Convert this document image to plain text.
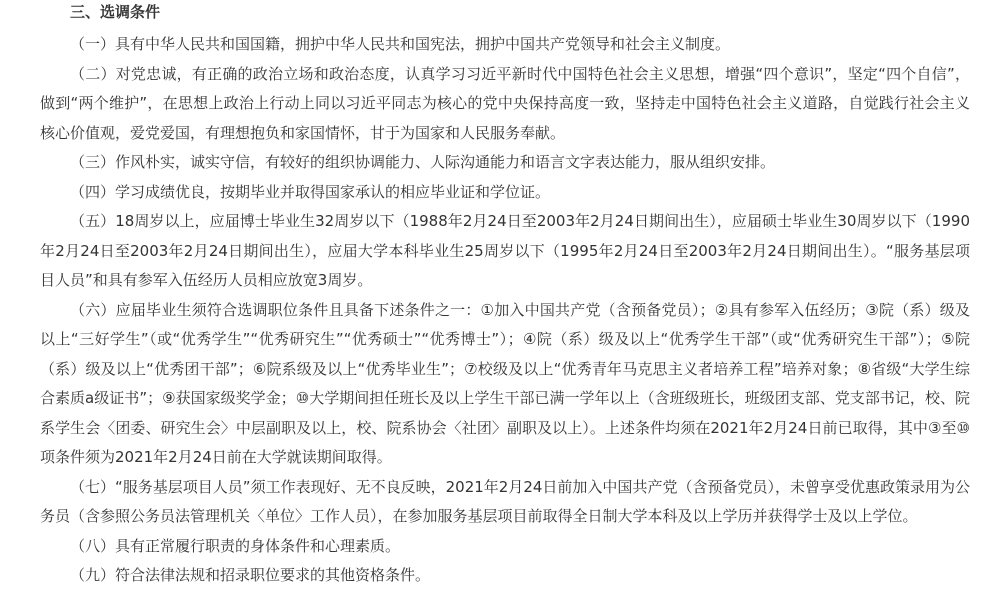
三、选调条件

（一）具有中华人民共和国国籍，拥护中华人民共和国宪法，拥护中国共产党领导和社会主义制度。

（二）对党忠诚，有正确的政治立场和政治态度，认真学习习近平新时代中国特色社会主义思想，增强“四个意识”，坚定“四个自信”，做到“两个维护”，在思想上政治上行动上同以习近平同志为核心的党中央保持高度一致，坚持走中国特色社会主义道路，自觉践行社会主义核心价值观，爱党爱国，有理想抱负和家国情怀，甘于为国家和人民服务奉献。

（三）作风朴实，诚实守信，有较好的组织协调能力、人际沟通能力和语言文字表达能力，服从组织安排。

（四）学习成绩优良，按期毕业并取得国家承认的相应毕业证和学位证。

（五）18周岁以上，应届博士毕业生32周岁以下（1988年2月24日至2003年2月24日期间出生），应届硕士毕业生30周岁以下（1990年2月24日至2003年2月24日期间出生），应届大学本科毕业生25周岁以下（1995年2月24日至2003年2月24日期间出生）。“服务基层项目人员”和具有参军入伍经历人员相应放宽3周岁。

（六）应届毕业生须符合选调职位条件且具备下述条件之一：①加入中国共产党（含预备党员）；②具有参军入伍经历；③院（系）级及以上“三好学生”（或“优秀学生”“优秀研究生”“优秀硕士”“优秀博士”）；④院（系）级及以上“优秀学生干部”（或“优秀研究生干部”）；⑤院（系）级及以上“优秀团干部”；⑥院系级及以上“优秀毕业生”；⑦校级及以上“优秀青年马克思主义者培养工程”培养对象；⑧省级“大学生综合素质a级证书”；⑨获国家级奖学金；⑩大学期间担任班长及以上学生干部已满一学年以上（含班级班长，班级团支部、党支部书记，校、院系学生会〈团委、研究生会〉中层副职及以上，校、院系协会〈社团〉副职及以上）。上述条件均须在2021年2月24日前已取得，其中③至⑩项条件须为2021年2月24日前在大学就读期间取得。

（七）“服务基层项目人员”须工作表现好、无不良反映，2021年2月24日前加入中国共产党（含预备党员），未曾享受优惠政策录用为公务员（含参照公务员法管理机关〈单位〉工作人员），在参加服务基层项目前取得全日制大学本科及以上学历并获得学士及以上学位。

（八）具有正常履行职责的身体条件和心理素质。

（九）符合法律法规和招录职位要求的其他资格条件。
